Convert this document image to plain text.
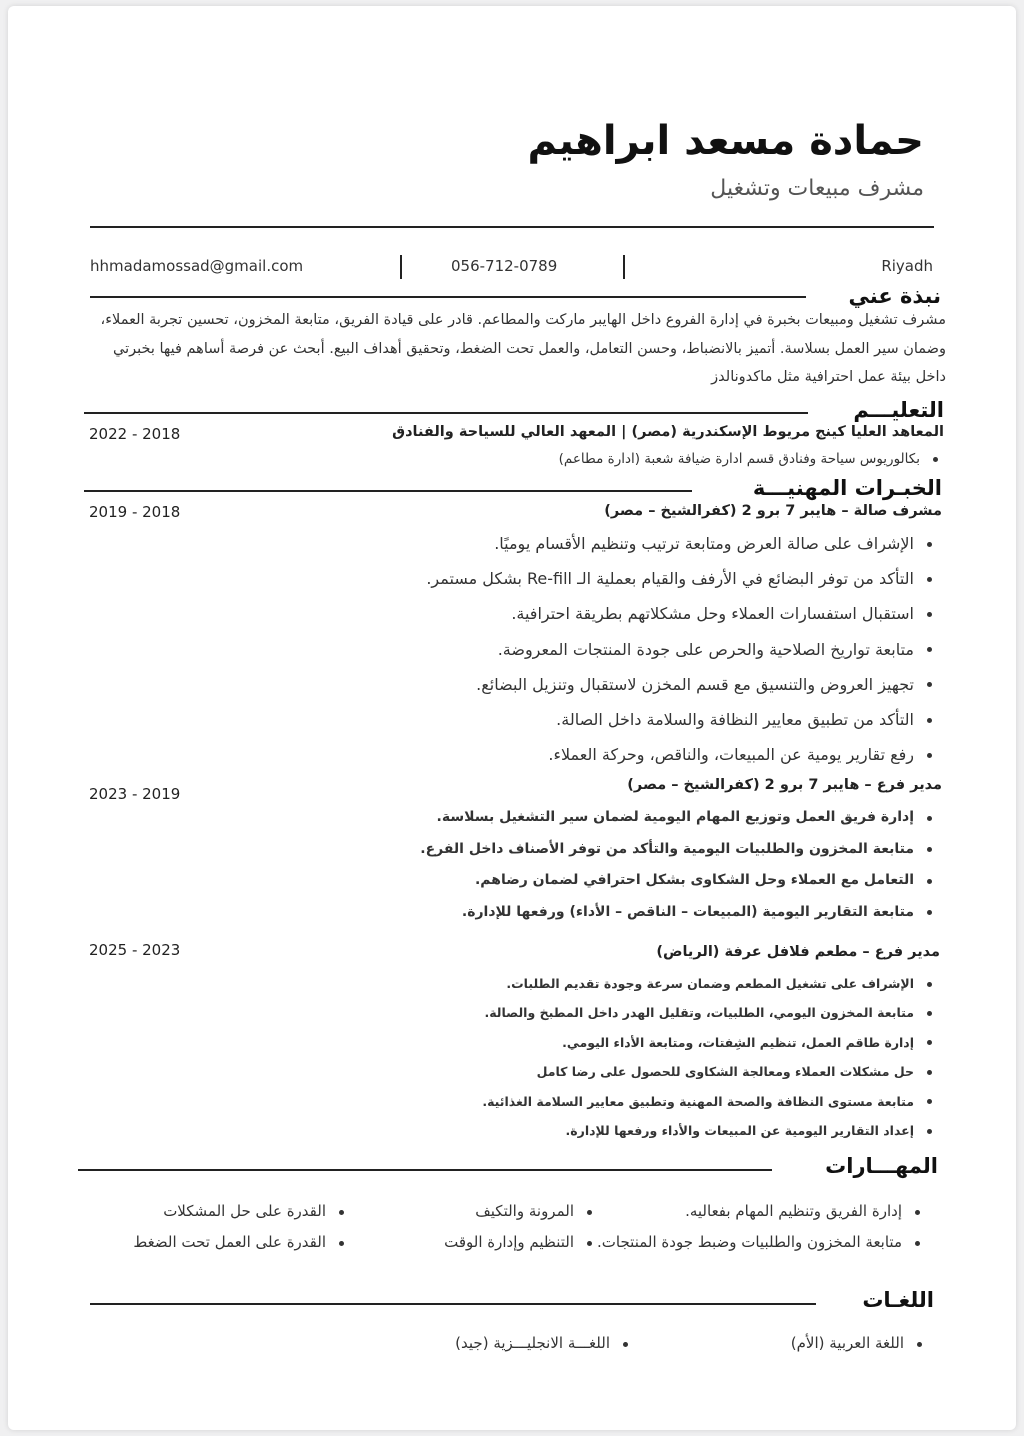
حمادة مسعد ابراهيم
مشرف مبيعات وتشغيل
hhmadamossad@gmail.com	056-712-0789	Riyadh
نبذة عني
مشرف تشغيل ومبيعات بخبرة في إدارة الفروع داخل الهايبر ماركت والمطاعم. قادر على قيادة الفريق، متابعة المخزون، تحسين تجربة العملاء، وضمان سير العمل بسلاسة. أتميز بالانضباط، وحسن التعامل، والعمل تحت الضغط، وتحقيق أهداف البيع. أبحث عن فرصة أساهم فيها بخبرتي داخل بيئة عمل احترافية مثل ماكدونالدز
التعليـــم
2022 - 2018	المعاهد العليا كينج مريوط الإسكندرية (مصر) | المعهد العالي للسياحة والفنادق
بكالوريوس سياحة وفنادق قسم ادارة ضيافة شعبة (ادارة مطاعم)
الخبـرات المهنيـــة
2019 - 2018	مشرف صالة – هايبر 7 برو 2 (كفرالشيخ – مصر)
الإشراف على صالة العرض ومتابعة ترتيب وتنظيم الأقسام يوميًا.
التأكد من توفر البضائع في الأرفف والقيام بعملية الـ Re-fill بشكل مستمر.
استقبال استفسارات العملاء وحل مشكلاتهم بطريقة احترافية.
متابعة تواريخ الصلاحية والحرص على جودة المنتجات المعروضة.
تجهيز العروض والتنسيق مع قسم المخزن لاستقبال وتنزيل البضائع.
التأكد من تطبيق معايير النظافة والسلامة داخل الصالة.
رفع تقارير يومية عن المبيعات، والناقص، وحركة العملاء.
2023 - 2019	مدير فرع – هايبر 7 برو 2 (كفرالشيخ – مصر)
إدارة فريق العمل وتوزيع المهام اليومية لضمان سير التشغيل بسلاسة.
متابعة المخزون والطلبيات اليومية والتأكد من توفر الأصناف داخل الفرع.
التعامل مع العملاء وحل الشكاوى بشكل احترافي لضمان رضاهم.
متابعة التقارير اليومية (المبيعات – الناقص – الأداء) ورفعها للإدارة.
2025 - 2023	مدير فرع – مطعم فلافل عرفة (الرياض)
الإشراف على تشغيل المطعم وضمان سرعة وجودة تقديم الطلبات.
متابعة المخزون اليومي، الطلبيات، وتقليل الهدر داخل المطبخ والصالة.
إدارة طاقم العمل، تنظيم الشِفتات، ومتابعة الأداء اليومي.
حل مشكلات العملاء ومعالجة الشكاوى للحصول على رضا كامل
متابعة مستوى النظافة والصحة المهنية وتطبيق معايير السلامة الغذائية.
إعداد التقارير اليومية عن المبيعات والأداء ورفعها للإدارة.
المهـــارات
إدارة الفريق وتنظيم المهام بفعاليه.
متابعة المخزون والطلبيات وضبط جودة المنتجات.
المرونة والتكيف
التنظيم وإدارة الوقت
القدرة على حل المشكلات
القدرة على العمل تحت الضغط
اللغـات
اللغة العربية (الأم)
اللغـــة الانجليـــزية (جيد)
